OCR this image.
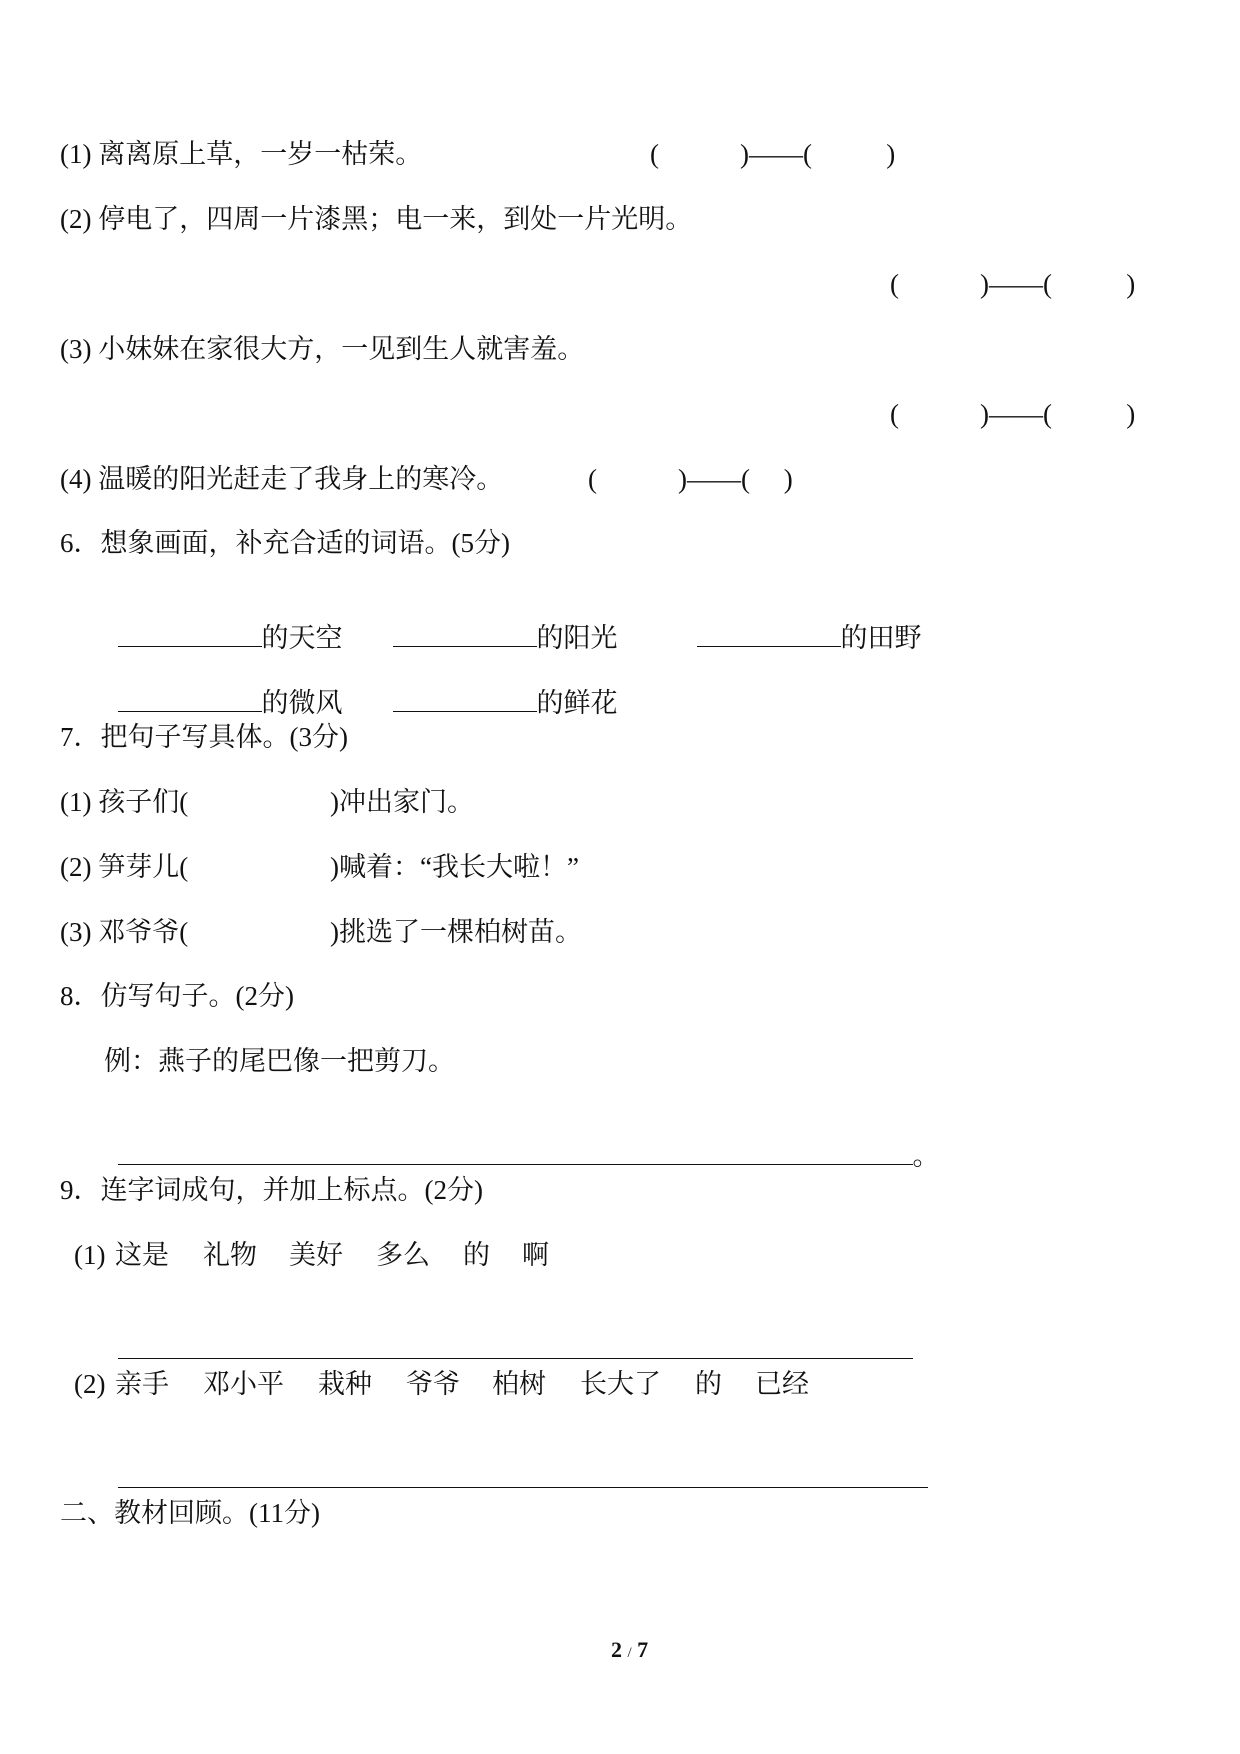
(1) 离离原上草，一岁一枯荣。	(            )——(           )
(2) 停电了，四周一片漆黑；电一来，到处一片光明。
(            )——(           )
(3) 小妹妹在家很大方，一见到生人就害羞。
(            )——(           )
(4) 温暖的阳光赶走了我身上的寒冷。	(            )——(     )
6．想象画面，补充合适的词语。(5分)

的天空	的阳光	的田野

的微风	的鲜花

7．把句子写具体。(3分)
(1) 孩子们(	)冲出家门。
(2) 笋芽儿(	)喊着：“我长大啦！”
(3) 邓爷爷(	)挑选了一棵柏树苗。
8．仿写句子。(2分)
例：燕子的尾巴像一把剪刀。

。

9．连字词成句，并加上标点。(2分)
(1) 这是 礼物 美好 多么 的 啊

(2) 亲手 邓小平 栽种 爷爷 柏树 长大了 的 已经

二、教材回顾。(11分)

2 / 7
